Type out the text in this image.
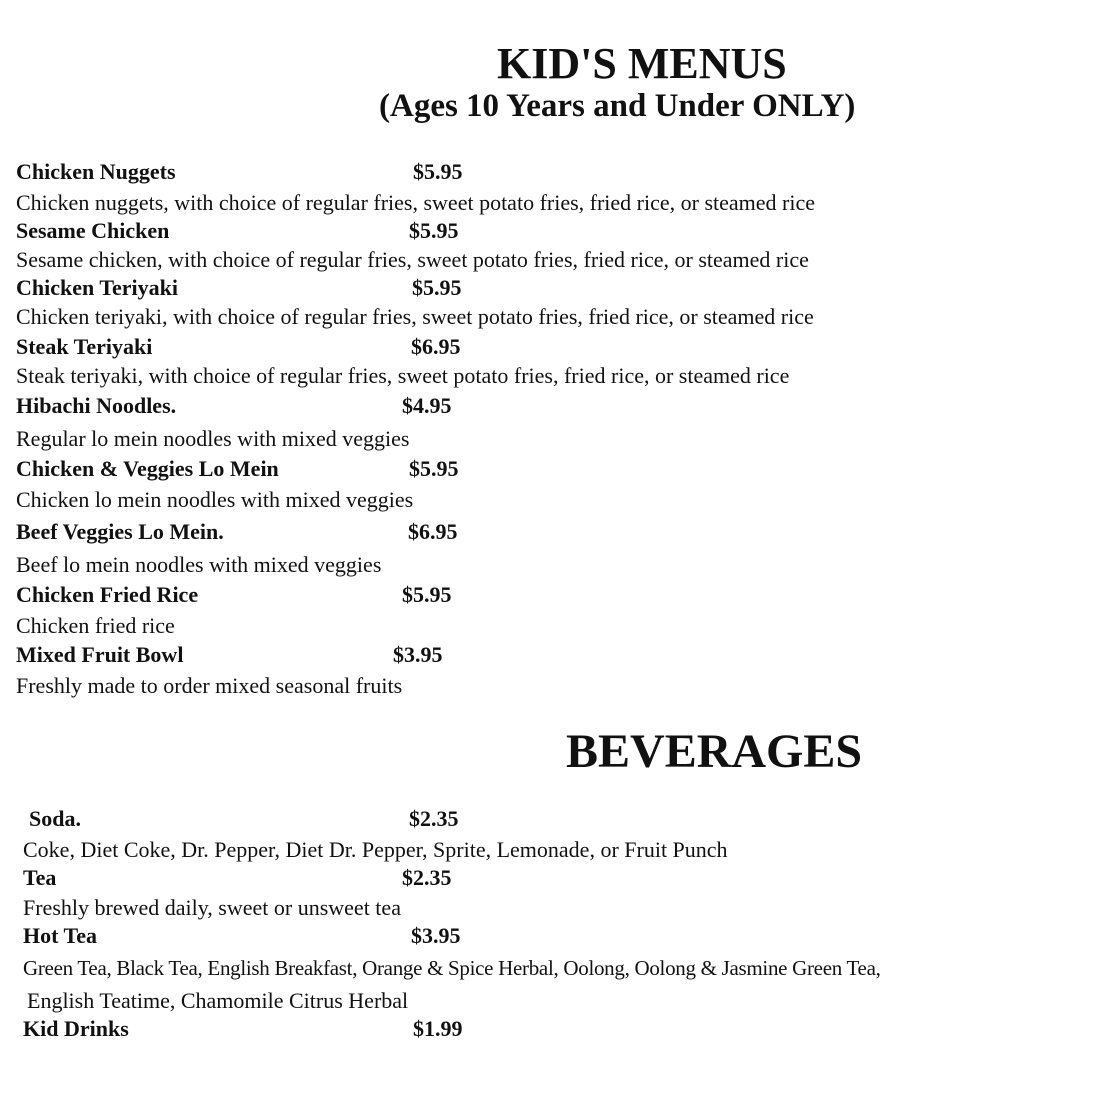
KID'S MENUS
(Ages 10 Years and Under ONLY)
Chicken Nuggets	$5.95
Chicken nuggets, with choice of regular fries, sweet potato fries, fried rice, or steamed rice
Sesame Chicken	$5.95
Sesame chicken, with choice of regular fries, sweet potato fries, fried rice, or steamed rice
Chicken Teriyaki	$5.95
Chicken teriyaki, with choice of regular fries, sweet potato fries, fried rice, or steamed rice
Steak Teriyaki	$6.95
Steak teriyaki, with choice of regular fries, sweet potato fries, fried rice, or steamed rice
Hibachi Noodles.	$4.95
Regular lo mein noodles with mixed veggies
Chicken & Veggies Lo Mein	$5.95
Chicken lo mein noodles with mixed veggies
Beef Veggies Lo Mein.	$6.95
Beef lo mein noodles with mixed veggies
Chicken Fried Rice	$5.95
Chicken fried rice
Mixed Fruit Bowl	$3.95
Freshly made to order mixed seasonal fruits
BEVERAGES
Soda.	$2.35
Coke, Diet Coke, Dr. Pepper, Diet Dr. Pepper, Sprite, Lemonade, or Fruit Punch
Tea	$2.35
Freshly brewed daily, sweet or unsweet tea
Hot Tea	$3.95
Green Tea, Black Tea, English Breakfast, Orange & Spice Herbal, Oolong, Oolong & Jasmine Green Tea,
English Teatime, Chamomile Citrus Herbal
Kid Drinks	$1.99
